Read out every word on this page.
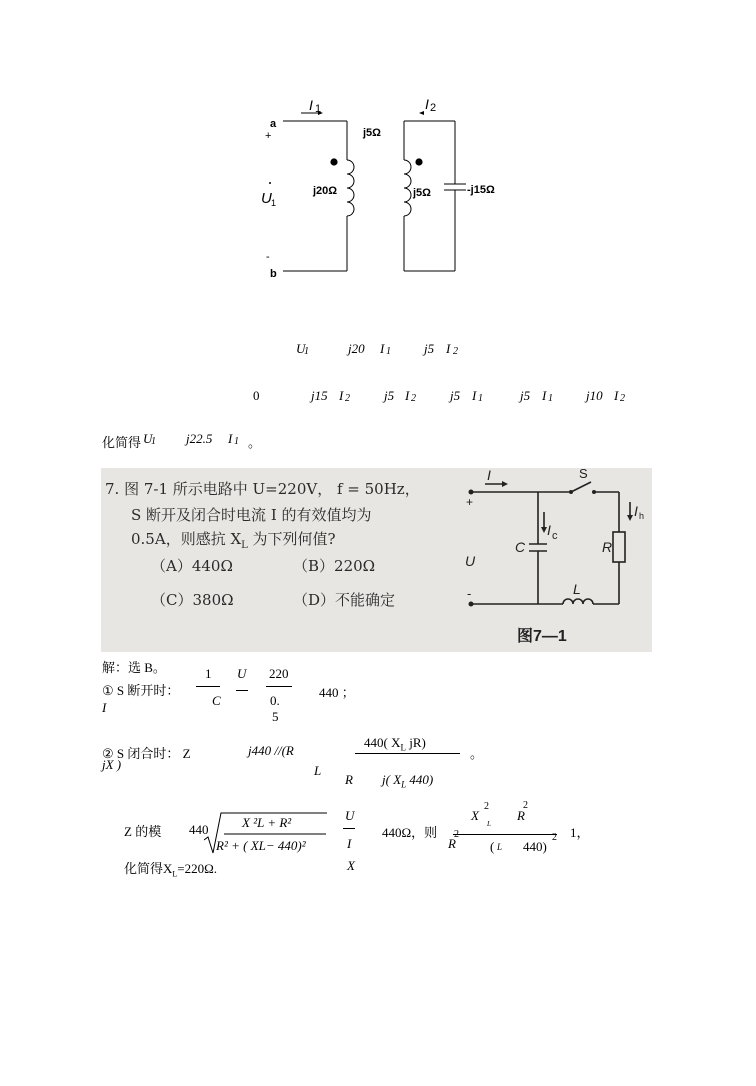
a
+
-
b
I 1	I 2
U 1
j5Ω
j20Ω	j5Ω	-j15Ω
U
1	j20 I 1	j5 I 2
0	j15 I 2	j5 I 2	j5 I 1	j5 I 1	j10 I 2
化简得 U
1 j22.5 I 1 。
7. 图 7-1 所示电路中 U=220V， f = 50Hz，
S 断开及闭合时电流 I 的有效值均为
0.5A，则感抗 $X_L$ 为下列何值?
（A）440Ω	（B）220Ω
（C）380Ω	（D）不能确定
I	S
I h
I c
C
U
R
L
+
-
图7—1
解：选 B。
① S 断开时：
1
C
U 220
0.
5
440 ；
I
② S 闭合时： Z	j440 //(R
jX )	L
440( $X_L$ jR)
R j( $X_L$ 440)
。
Z 的模 440	X ²L + R²
R² + ( XL− 440)²
U
I
X
440Ω，则
X
2
L
R
2
R
2
( L 440)
2 1，
化简得$X_L=220\Omega$.
